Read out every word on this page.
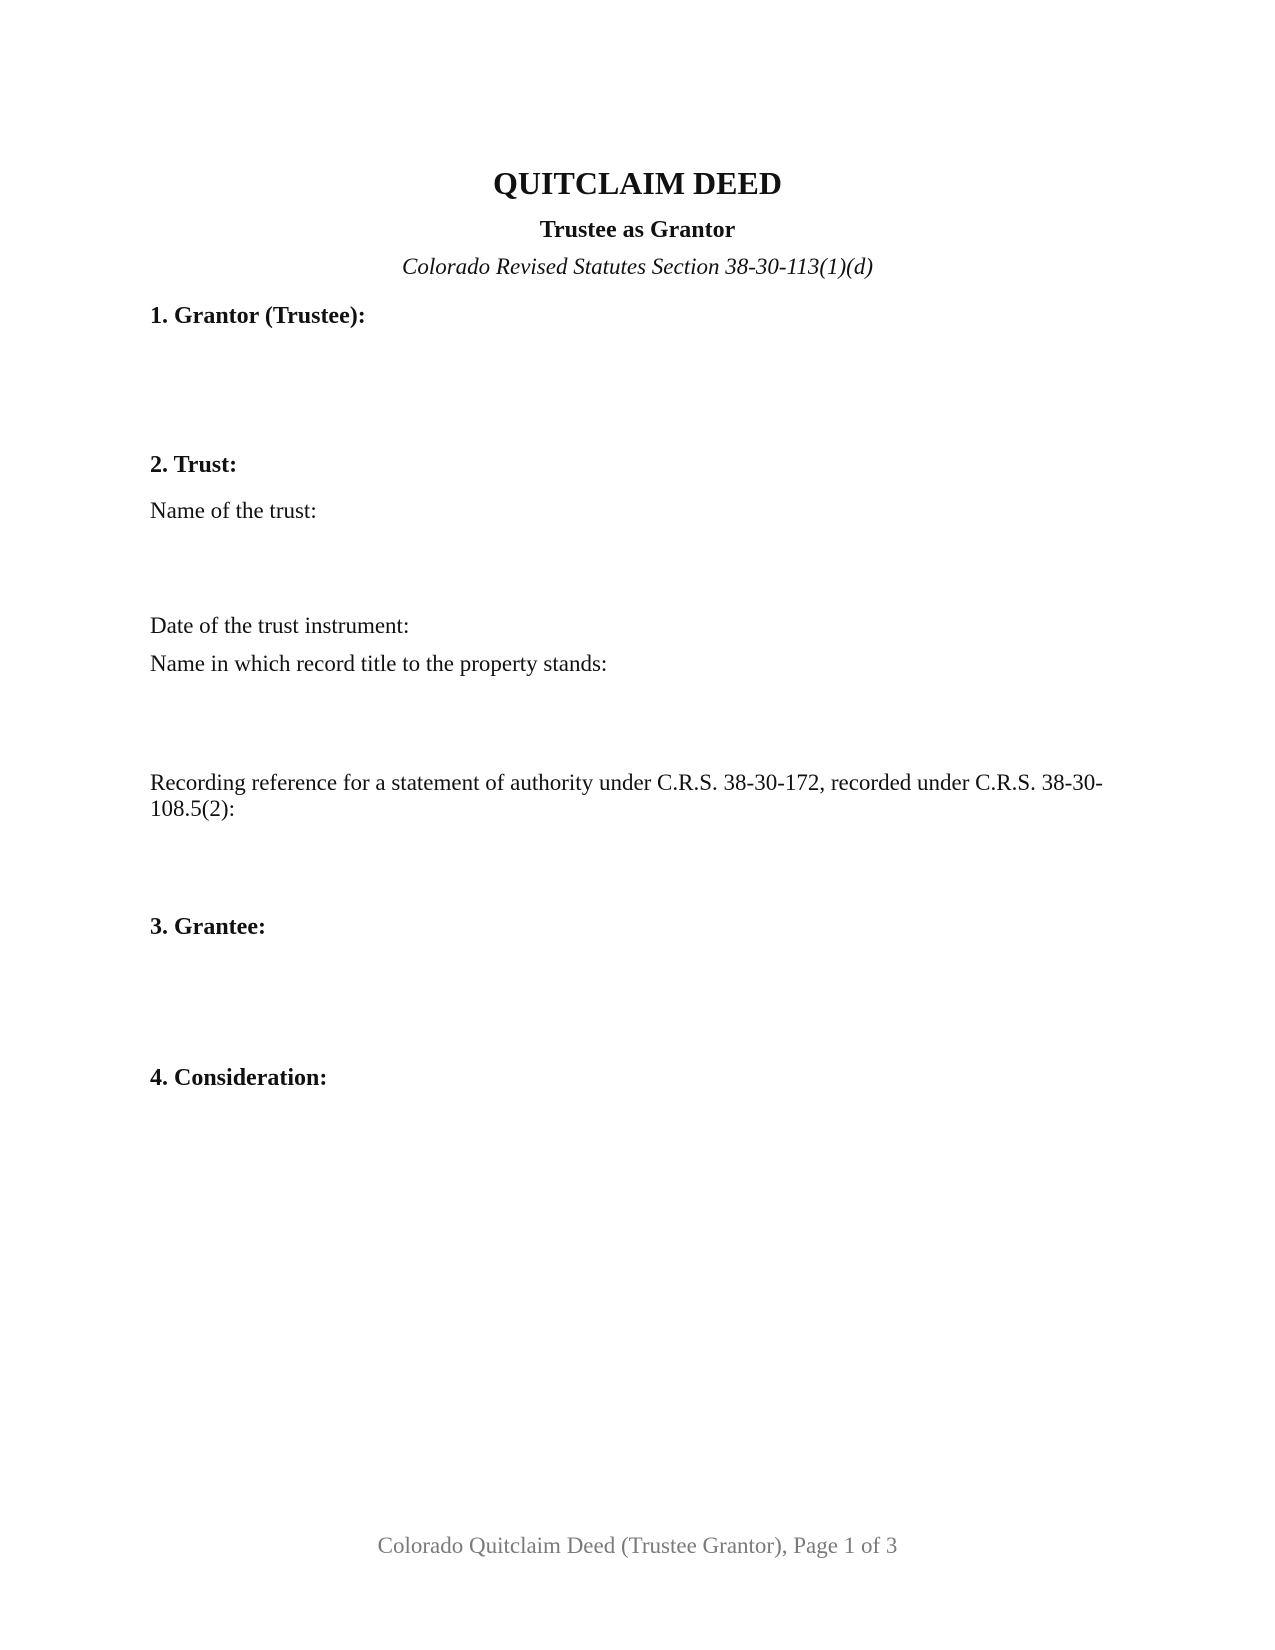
QUITCLAIM DEED
Trustee as Grantor
Colorado Revised Statutes Section 38-30-113(1)(d)
1. Grantor (Trustee):
2. Trust:
Name of the trust:
Date of the trust instrument:
Name in which record title to the property stands:
Recording reference for a statement of authority under C.R.S. 38-30-172, recorded under C.R.S. 38-30-108.5(2):
3. Grantee:
4. Consideration:
Colorado Quitclaim Deed (Trustee Grantor), Page 1 of 3
